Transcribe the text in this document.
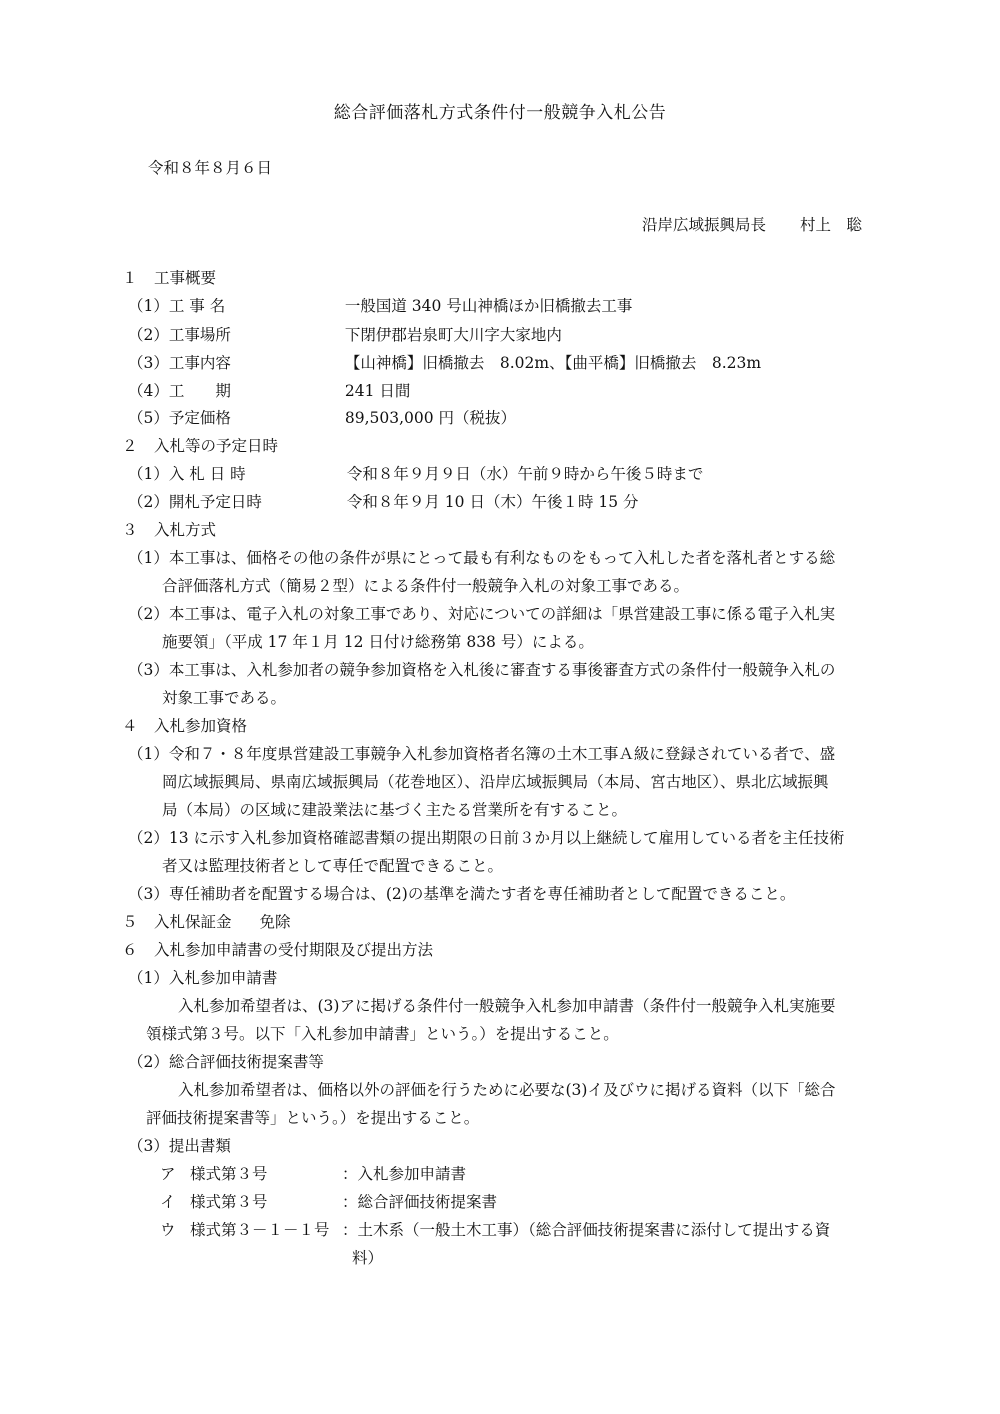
総合評価落札方式条件付一般競争入札公告
令和８年８月６日
沿岸広域振興局長 村上　聡
１ 工事概要
（1）工 事 名	一般国道 340 号山神橋ほか旧橋撤去工事
（2）工事場所	下閉伊郡岩泉町大川字大家地内
（3）工事内容	【山神橋】旧橋撤去　8.02m、【曲平橋】旧橋撤去　8.23m
（4）工　　期	241 日間
（5）予定価格	89,503,000 円（税抜）
２ 入札等の予定日時
（1）入 札 日 時	令和８年９月９日（水）午前９時から午後５時まで
（2）開札予定日時	令和８年９月 10 日（木）午後１時 15 分
３ 入札方式
（1）本工事は、価格その他の条件が県にとって最も有利なものをもって入札した者を落札者とする総
合評価落札方式（簡易２型）による条件付一般競争入札の対象工事である。
（2）本工事は、電子入札の対象工事であり、対応についての詳細は「県営建設工事に係る電子入札実
施要領」（平成 17 年１月 12 日付け総務第 838 号）による。
（3）本工事は、入札参加者の競争参加資格を入札後に審査する事後審査方式の条件付一般競争入札の
対象工事である。
４ 入札参加資格
（1）令和７・８年度県営建設工事競争入札参加資格者名簿の土木工事Ａ級に登録されている者で、盛
岡広域振興局、県南広域振興局（花巻地区）、沿岸広域振興局（本局、宮古地区）、県北広域振興
局（本局）の区域に建設業法に基づく主たる営業所を有すること。
（2）13 に示す入札参加資格確認書類の提出期限の日前３か月以上継続して雇用している者を主任技術
者又は監理技術者として専任で配置できること。
（3）専任補助者を配置する場合は、(2)の基準を満たす者を専任補助者として配置できること。
５ 入札保証金 免除
６ 入札参加申請書の受付期限及び提出方法
（1）入札参加申請書
入札参加希望者は、(3)アに掲げる条件付一般競争入札参加申請書（条件付一般競争入札実施要
領様式第３号。以下「入札参加申請書」という。）を提出すること。
（2）総合評価技術提案書等
入札参加希望者は、価格以外の評価を行うために必要な(3)イ及びウに掲げる資料（以下「総合
評価技術提案書等」という。）を提出すること。
（3）提出書類
ア 様式第３号	：入札参加申請書
イ 様式第３号	：総合評価技術提案書
ウ 様式第３－１－１号 ：土木系（一般土木工事）（総合評価技術提案書に添付して提出する資
料）
